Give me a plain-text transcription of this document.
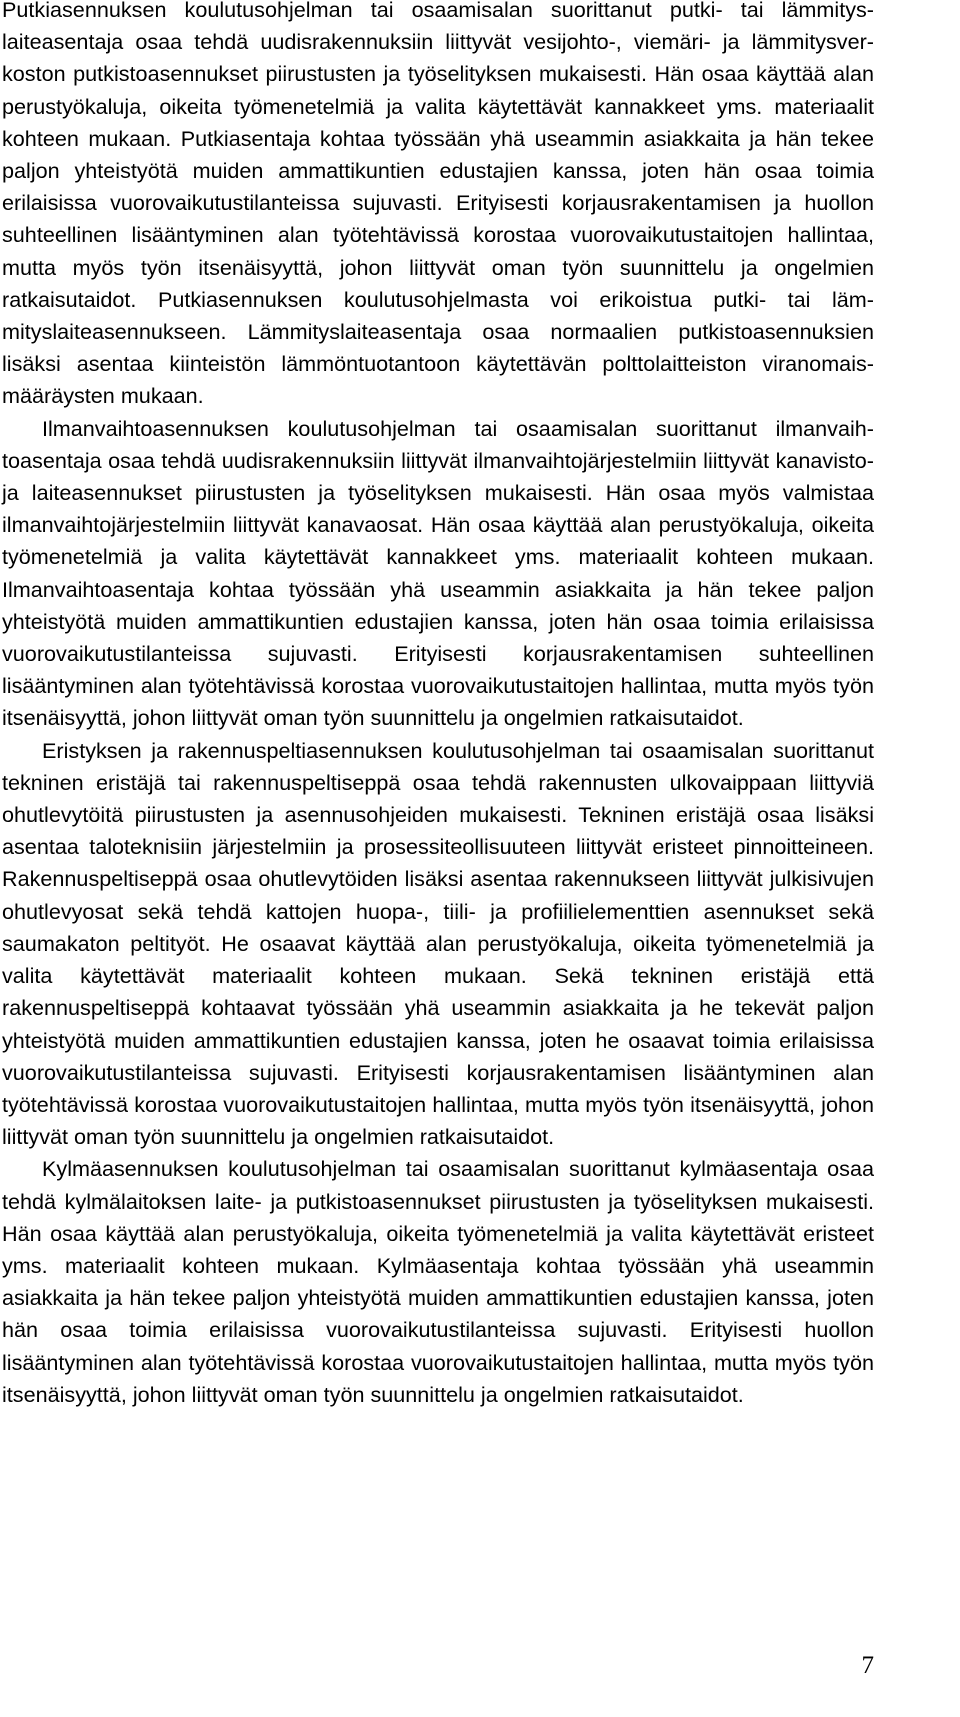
Putkiasennuksen koulutusohjelman tai osaamisalan suorittanut putki- tai lämmityslaiteasentaja osaa tehdä uudisrakennuksiin liittyvät vesijohto-, viemäri- ja lämmitysverkoston putkistoasennukset piirustusten ja työselityksen mukaisesti. Hän osaa käyttää alan perustyökaluja, oikeita työmenetelmiä ja valita käytettävät kannakkeet yms. materiaalit kohteen mukaan. Putkiasentaja kohtaa työssään yhä useammin asiakkaita ja hän tekee paljon yhteistyötä muiden ammattikuntien edustajien kanssa, joten hän osaa toimia erilaisissa vuorovaikutustilanteissa sujuvasti. Erityisesti korjausrakentamisen ja huollon suhteellinen lisääntyminen alan työtehtävissä korostaa vuorovaikutustaitojen hallintaa, mutta myös työn itsenäisyyttä, johon liittyvät oman työn suunnittelu ja ongelmien ratkaisutaidot. Putkiasennuksen koulutusohjelmasta voi erikoistua putki- tai lämmityslaiteasennukseen. Lämmityslaiteasentaja osaa normaalien putkistoasennuksien lisäksi asentaa kiinteistön lämmöntuotantoon käytettävän polttolaitteiston viranomaismääräysten mukaan.

Ilmanvaihtoasennuksen koulutusohjelman tai osaamisalan suorittanut ilmanvaihtoasentaja osaa tehdä uudisrakennuksiin liittyvät ilmanvaihtojärjestelmiin liittyvät kanavisto- ja laiteasennukset piirustusten ja työselityksen mukaisesti. Hän osaa myös valmistaa ilmanvaihtojärjestelmiin liittyvät kanavaosat. Hän osaa käyttää alan perustyökaluja, oikeita työmenetelmiä ja valita käytettävät kannakkeet yms. materiaalit kohteen mukaan. Ilmanvaihtoasentaja kohtaa työssään yhä useammin asiakkaita ja hän tekee paljon yhteistyötä muiden ammattikuntien edustajien kanssa, joten hän osaa toimia erilaisissa vuorovaikutustilanteissa sujuvasti. Erityisesti korjausrakentamisen suhteellinen lisääntyminen alan työtehtävissä korostaa vuorovaikutustaitojen hallintaa, mutta myös työn itsenäisyyttä, johon liittyvät oman työn suunnittelu ja ongelmien ratkaisutaidot.

Eristyksen ja rakennuspeltiasennuksen koulutusohjelman tai osaamisalan suorittanut tekninen eristäjä tai rakennuspeltiseppä osaa tehdä rakennusten ulkovaippaan liittyviä ohutlevytöitä piirustusten ja asennusohjeiden mukaisesti. Tekninen eristäjä osaa lisäksi asentaa taloteknisiin järjestelmiin ja prosessiteollisuuteen liittyvät eristeet pinnoitteineen. Rakennuspeltiseppä osaa ohutlevytöiden lisäksi asentaa rakennukseen liittyvät julkisivujen ohutlevyosat sekä tehdä kattojen huopa-, tiili- ja profiilielementtien asennukset sekä saumakaton peltityöt. He osaavat käyttää alan perustyökaluja, oikeita työmenetelmiä ja valita käytettävät materiaalit kohteen mukaan. Sekä tekninen eristäjä että rakennuspeltiseppä kohtaavat työssään yhä useammin asiakkaita ja he tekevät paljon yhteistyötä muiden ammattikuntien edustajien kanssa, joten he osaavat toimia erilaisissa vuorovaikutustilanteissa sujuvasti. Erityisesti korjausrakentamisen lisääntyminen alan työtehtävissä korostaa vuorovaikutustaitojen hallintaa, mutta myös työn itsenäisyyttä, johon liittyvät oman työn suunnittelu ja ongelmien ratkaisutaidot.

Kylmäasennuksen koulutusohjelman tai osaamisalan suorittanut kylmäasentaja osaa tehdä kylmälaitoksen laite- ja putkistoasennukset piirustusten ja työselityksen mukaisesti. Hän osaa käyttää alan perustyökaluja, oikeita työmenetelmiä ja valita käytettävät eristeet yms. materiaalit kohteen mukaan. Kylmäasentaja kohtaa työssään yhä useammin asiakkaita ja hän tekee paljon yhteistyötä muiden ammattikuntien edustajien kanssa, joten hän osaa toimia erilaisissa vuorovaikutustilanteissa sujuvasti. Erityisesti huollon lisääntyminen alan työtehtävissä korostaa vuorovaikutustaitojen hallintaa, mutta myös työn itsenäisyyttä, johon liittyvät oman työn suunnittelu ja ongelmien ratkaisutaidot.

7
